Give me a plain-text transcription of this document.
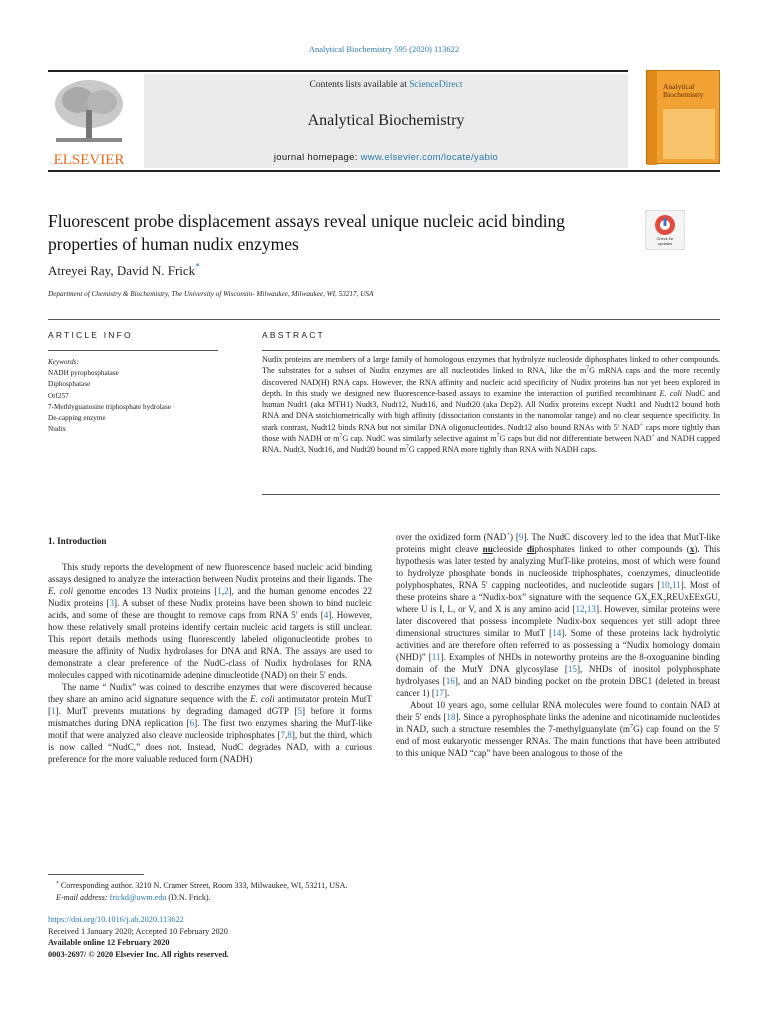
Analytical Biochemistry 595 (2020) 113622
ELSEVIER
Contents lists available at ScienceDirect
Analytical Biochemistry
journal homepage: www.elsevier.com/locate/yabio
Analytical
Biochemistry
Fluorescent probe displacement assays reveal unique nucleic acid binding properties of human nudix enzymes	Check for updates
Atreyei Ray, David N. Frick*
Department of Chemistry & Biochemistry, The University of Wisconsin- Milwaukee, Milwaukee, WI, 53217, USA
ARTICLE INFO	ABSTRACT
Keywords:
NADH pyrophosphatase
Diphosphatase
Orf257
7-Methlyguanosine triphosphate hydrolase
De-capping enzyme
Nudix
Nudix proteins are members of a large family of homologous enzymes that hydrolyze nucleoside diphosphates linked to other compounds. The substrates for a subset of Nudix enzymes are all nucleotides linked to RNA, like the $m^7G$ mRNA caps and the more recently discovered NAD(H) RNA caps. However, the RNA affinity and nucleic acid specificity of Nudix proteins has not yet been explored in depth. In this study we designed new fluorescence-based assays to examine the interaction of purified recombinant E. coli NudC and human Nudt1 (aka MTH1) Nudt3, Nudt12, Nudt16, and Nudt20 (aka Dcp2). All Nudix proteins except Nudt1 and Nudt12 bound both RNA and DNA stoichiometrically with high affinity (dissociation constants in the nanomolar range) and no clear sequence specificity. In stark contrast, Nudt12 binds RNA but not similar DNA oligonucleotides. Nudt12 also bound RNAs with 5′ NAD+ caps more tightly than those with NADH or $m^7G$ cap. NudC was similarly selective against $m^7G$ caps but did not differentiate between NAD+ and NADH capped RNA. Nudt3, Nudt16, and Nudt20 bound $m^7G$ capped RNA more tightly than RNA with NADH caps.
1. Introduction

This study reports the development of new fluorescence based nucleic acid binding assays designed to analyze the interaction between Nudix proteins and their ligands. The E. coli genome encodes 13 Nudix proteins [1,2], and the human genome encodes 22 Nudix proteins [3]. A subset of these Nudix proteins have been shown to bind nucleic acids, and some of these are thought to remove caps from RNA 5′ ends [4]. However, how these relatively small proteins identify certain nucleic acid targets is still unclear. This report details methods using fluorescently labeled oligonucleotide probes to measure the affinity of Nudix hydrolases for DNA and RNA. The assays are used to demonstrate a clear preference of the NudC-class of Nudix hydrolases for RNA molecules capped with nicotinamide adenine dinucleotide (NAD) on their 5′ ends.

The name “ Nudix” was coined to describe enzymes that were discovered because they share an amino acid signature sequence with the E. coli antimutator protein MutT [1]. MutT prevents mutations by degrading damaged dGTP [5] before it forms mismatches during DNA replication [6]. The first two enzymes sharing the MutT-like motif that were analyzed also cleave nucleoside triphosphates [7,8], but the third, which is now called “NudC,” does not. Instead, NudC degrades NAD, with a curious preference for the more valuable reduced form (NADH)

over the oxidized form (NAD+) [9]. The NudC discovery led to the idea that MutT-like proteins might cleave nucleoside diphosphates linked to other compounds (x). This hypothesis was later tested by analyzing MutT-like proteins, most of which were found to hydrolyze phosphate bonds in nucleoside triphosphates, coenzymes, dinucleotide polyphosphates, RNA 5′ capping nucleotides, and nucleotide sugars [10,11]. Most of these proteins share a “Nudix-box” signature with the sequence $GX_5EX_7REUxEExGU$, where U is I, L, or V, and X is any amino acid [12,13]. However, similar proteins were later discovered that possess incomplete Nudix-box sequences yet still adopt three dimensional structures similar to MutT [14]. Some of these proteins lack hydrolytic activities and are therefore often referred to as possessing a “Nudix homology domain (NHD)” [11]. Examples of NHDs in noteworthy proteins are the 8-oxoguanine binding domain of the MutY DNA glycosylase [15], NHDs of inositol polyphosphate hydrolyases [16], and an NAD binding pocket on the protein DBC1 (deleted in breast cancer 1) [17].

About 10 years ago, some cellular RNA molecules were found to contain NAD at their 5′ ends [18]. Since a pyrophosphate links the adenine and nicotinamide nucleotides in NAD, such a structure resembles the 7-methylguanylate $(m^7G)$ cap found on the 5′ end of most eukaryotic messenger RNAs. The main functions that have been attributed to this unique NAD “cap” have been analogous to those of the

* Corresponding author. 3210 N. Cramer Street, Room 333, Milwaukee, WI, 53211, USA.
E-mail address: frickd@uwm.edu (D.N. Frick).
https://doi.org/10.1016/j.ab.2020.113622
Received 1 January 2020; Accepted 10 February 2020
Available online 12 February 2020
0003-2697/ © 2020 Elsevier Inc. All rights reserved.
